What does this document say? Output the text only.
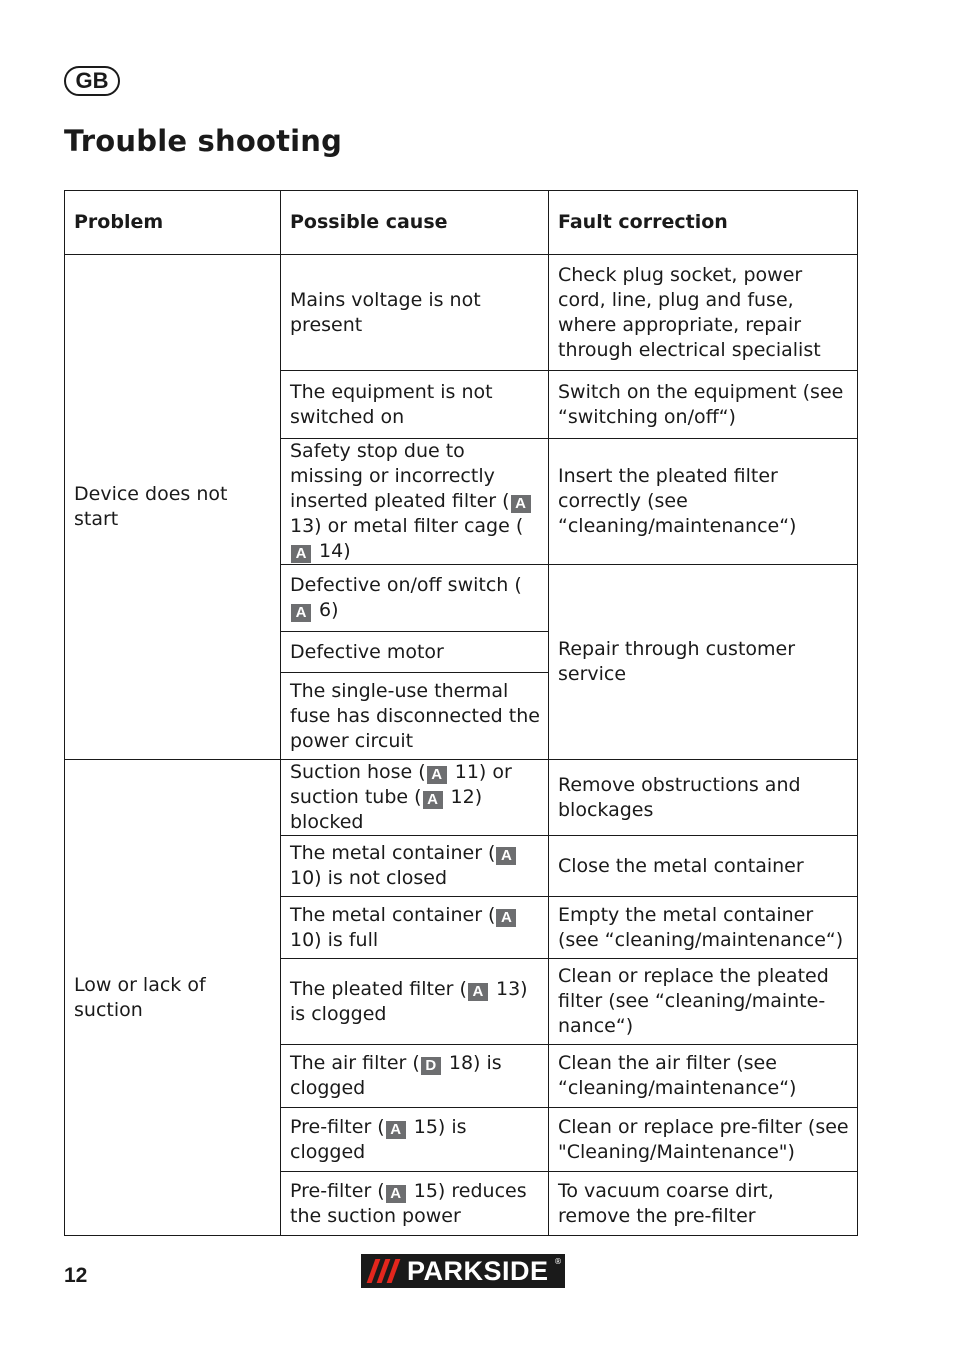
GB
Trouble shooting
Problem	Possible cause	Fault correction
Device does not start	Mains voltage is not present	Check plug socket, power cord, line, plug and fuse, where appropriate, repair through electrical specialist
	The equipment is not switched on	Switch on the equipment (see “switching on/off“)
	Safety stop due to missing or incorrectly inserted pleated filter ( A 13) or metal filter cage (A 14)	Insert the pleated filter correctly (see “cleaning/maintenance“)
	Defective on/off switch (A 6)	Repair through customer service
	Defective motor	
	The single-use thermal fuse has disconnected the power circuit	
Low or lack of suction	Suction hose ( A 11) or suction tube ( A 12) blocked	Remove obstructions and blockages
	The metal container ( A 10) is not closed	Close the metal container
	The metal container ( A 10) is full	Empty the metal container (see “cleaning/maintenance“)
	The pleated filter ( A 13) is clogged	Clean or replace the pleated filter (see “cleaning/maintenance“)
	The air filter ( D 18) is clogged	Clean the air filter (see “cleaning/maintenance“)
	Pre-filter ( A 15) is clogged	Clean or replace pre-filter (see "Cleaning/Maintenance")
	Pre-filter ( A 15) reduces the suction power	To vacuum coarse dirt, remove the pre-filter
12	PARKSIDE ®
